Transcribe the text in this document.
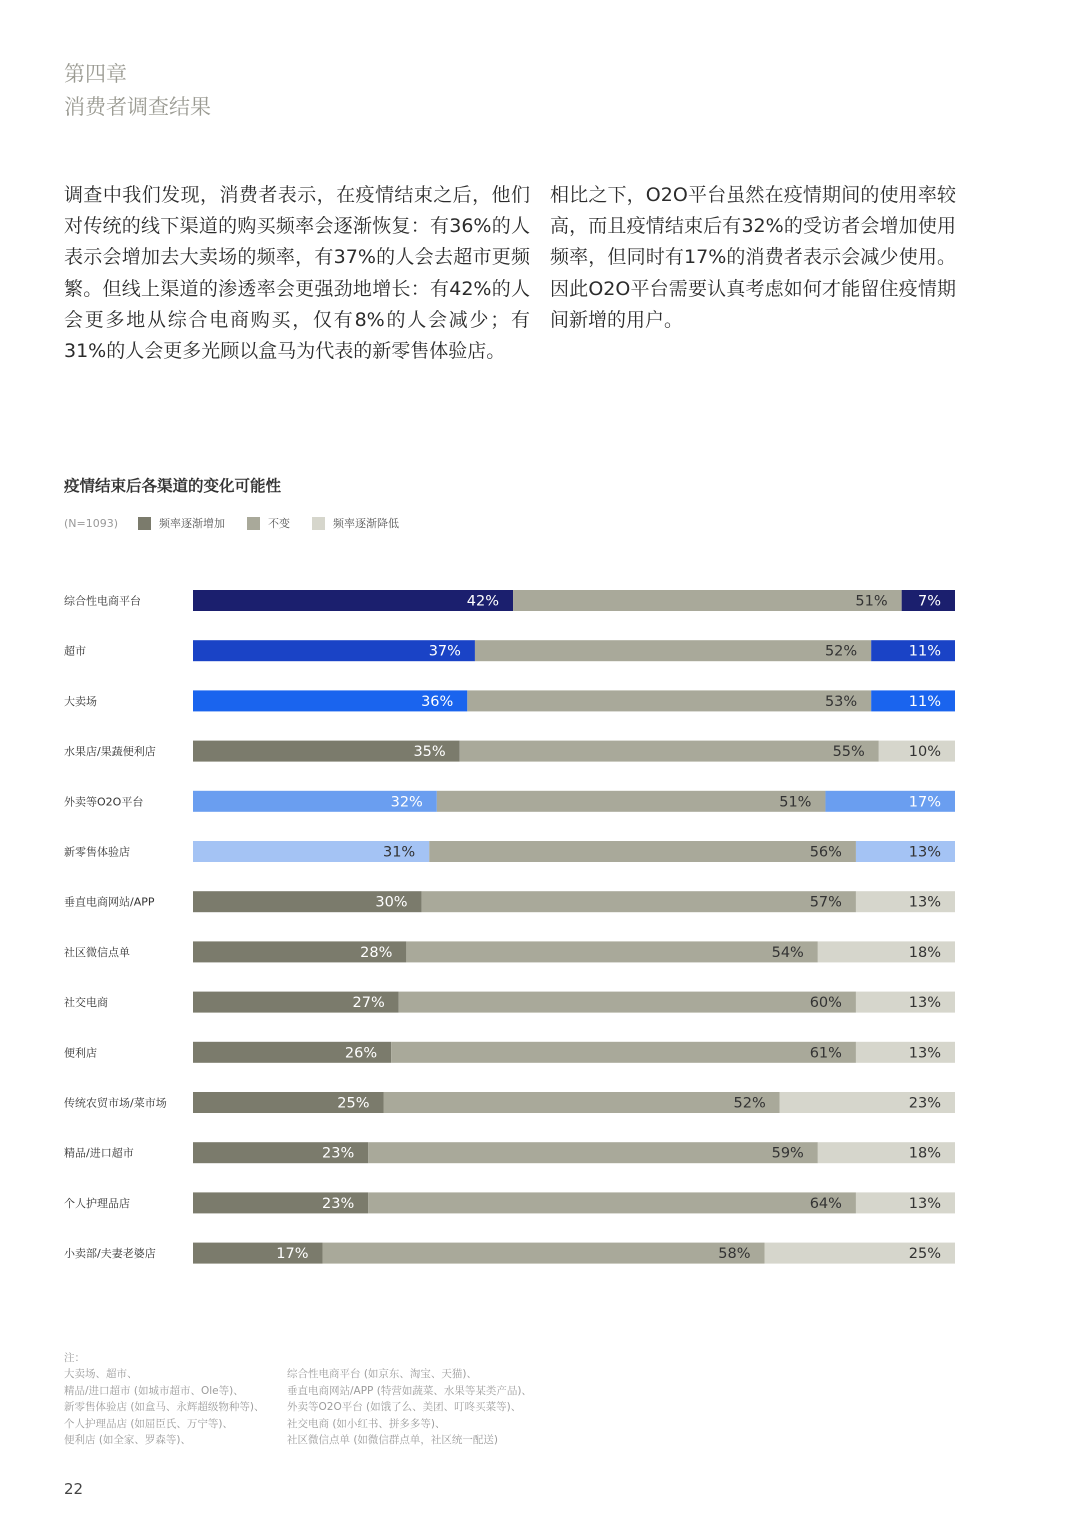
第四章
消费者调查结果
调查中我们发现，消费者表示，在疫情结束之后，他们对传统的线下渠道的购买频率会逐渐恢复：有36%的人表示会增加去大卖场的频率，有37%的人会去超市更频繁。但线上渠道的渗透率会更强劲地增长：有42%的人会更多地从综合电商购买，仅有8%的人会减少；有31%的人会更多光顾以盒马为代表的新零售体验店。
相比之下，O2O平台虽然在疫情期间的使用率较高，而且疫情结束后有32%的受访者会增加使用频率，但同时有17%的消费者表示会减少使用。因此O2O平台需要认真考虑如何才能留住疫情期间新增的用户。
疫情结束后各渠道的变化可能性
(N=1093)	频率逐渐增加	不变	频率逐渐降低
综合性电商平台	42%	51% 7%
超市	37%	52%	11%
大卖场	36%	53%	11%
水果店/果蔬便利店	35%	55%	10%
外卖等O2O平台	32%	51%	17%
新零售体验店	31%	56%	13%
垂直电商网站/APP	30%	57%	13%
社区微信点单	28%	54%	18%
社交电商	27%	60%	13%
便利店	26%	61%	13%
传统农贸市场/菜市场	25%	52%	23%
精品/进口超市	23%	59%	18%
个人护理品店	23%	64%	13%
小卖部/夫妻老婆店	17%	58%	25%
注：
大卖场、超市、
精品/进口超市 (如城市超市、Ole等)、
新零售体验店 (如盒马、永辉超级物种等)、
个人护理品店 (如屈臣氏、万宁等)、
便利店 (如全家、罗森等)、
综合性电商平台 (如京东、淘宝、天猫)、
垂直电商网站/APP (特营如蔬菜、水果等某类产品)、
外卖等O2O平台 (如饿了么、美团、叮咚买菜等)、
社交电商 (如小红书、拼多多等)、
社区微信点单 (如微信群点单，社区统一配送)
22
